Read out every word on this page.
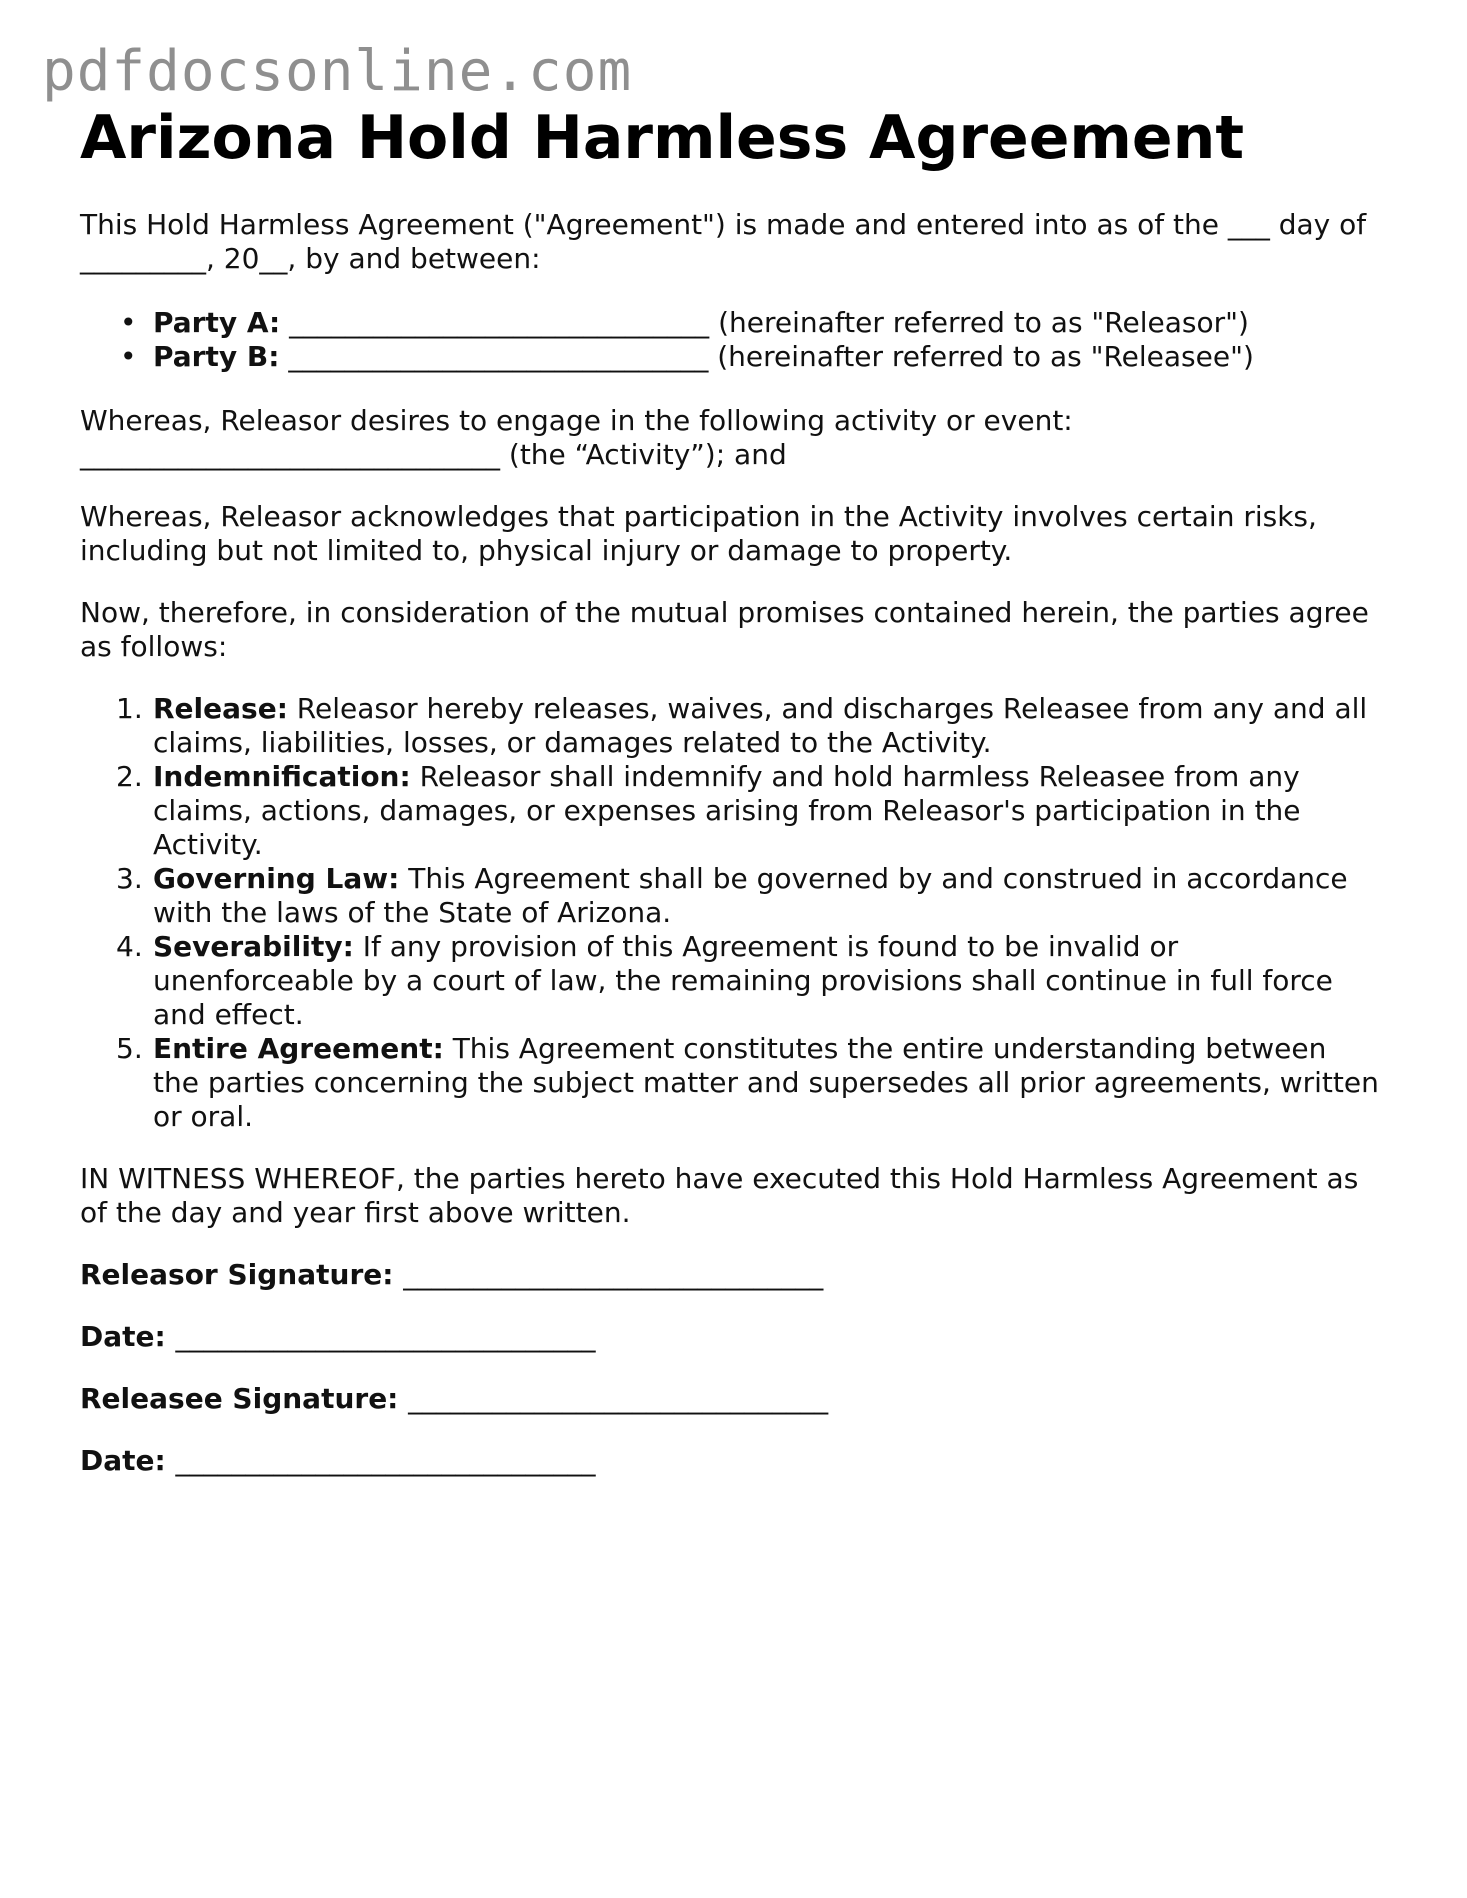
pdfdocsonline.com
Arizona Hold Harmless Agreement

This Hold Harmless Agreement ("Agreement") is made and entered into as of the ___ day of _________, 20__, by and between:

• Party A: ______________________________ (hereinafter referred to as "Releasor")
• Party B: ______________________________ (hereinafter referred to as "Releasee")

Whereas, Releasor desires to engage in the following activity or event: ______________________________ (the “Activity”); and

Whereas, Releasor acknowledges that participation in the Activity involves certain risks, including but not limited to, physical injury or damage to property.

Now, therefore, in consideration of the mutual promises contained herein, the parties agree as follows:

1. Release: Releasor hereby releases, waives, and discharges Releasee from any and all claims, liabilities, losses, or damages related to the Activity.
2. Indemnification: Releasor shall indemnify and hold harmless Releasee from any claims, actions, damages, or expenses arising from Releasor's participation in the Activity.
3. Governing Law: This Agreement shall be governed by and construed in accordance with the laws of the State of Arizona.
4. Severability: If any provision of this Agreement is found to be invalid or unenforceable by a court of law, the remaining provisions shall continue in full force and effect.
5. Entire Agreement: This Agreement constitutes the entire understanding between the parties concerning the subject matter and supersedes all prior agreements, written or oral.

IN WITNESS WHEREOF, the parties hereto have executed this Hold Harmless Agreement as of the day and year first above written.

Releasor Signature: ______________________________
Date: ______________________________
Releasee Signature: ______________________________
Date: ______________________________
